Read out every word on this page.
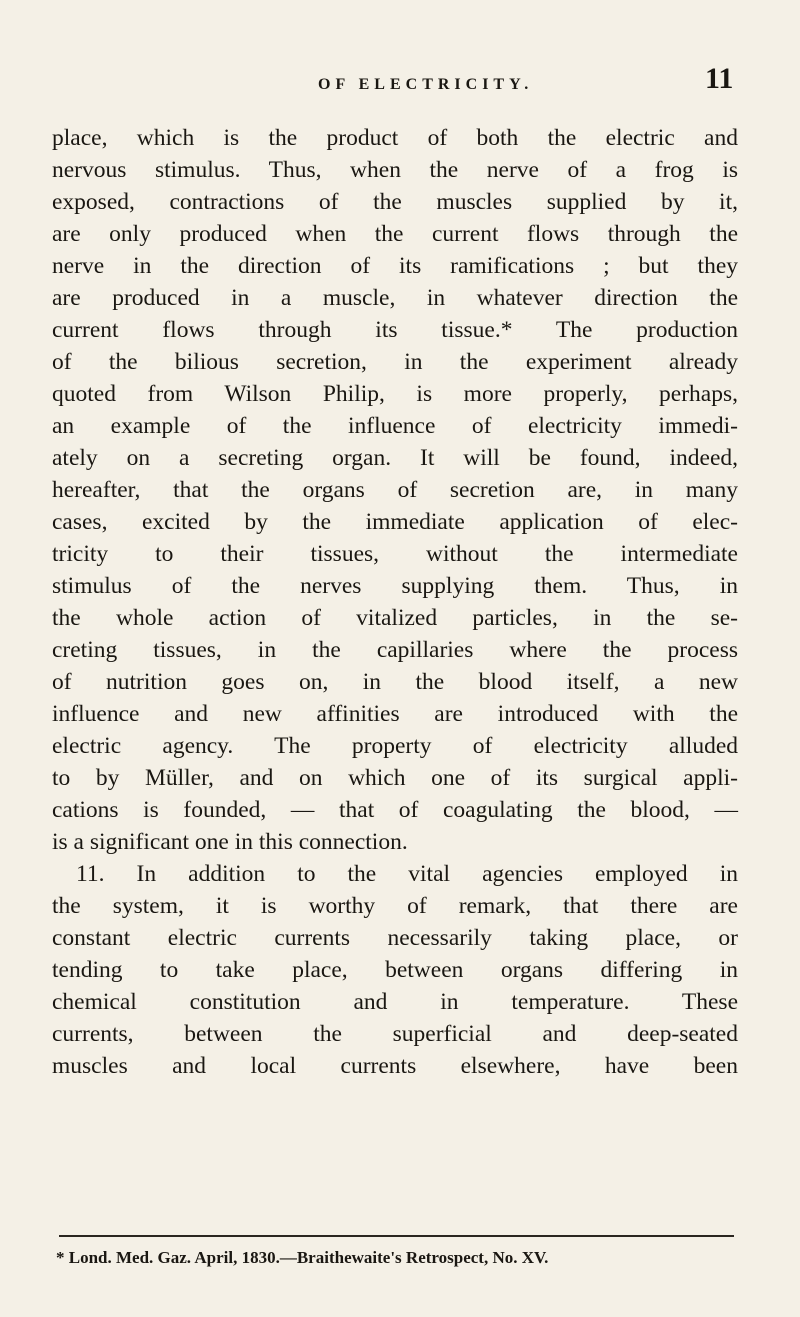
OF ELECTRICITY.	11
place, which is the product of both the electric and
nervous stimulus. Thus, when the nerve of a frog is
exposed, contractions of the muscles supplied by it,
are only produced when the current flows through the
nerve in the direction of its ramifications ; but they
are produced in a muscle, in whatever direction the
current flows through its tissue.* The production
of the bilious secretion, in the experiment already
quoted from Wilson Philip, is more properly, perhaps,
an example of the influence of electricity immedi-
ately on a secreting organ. It will be found, indeed,
hereafter, that the organs of secretion are, in many
cases, excited by the immediate application of elec-
tricity to their tissues, without the intermediate
stimulus of the nerves supplying them. Thus, in
the whole action of vitalized particles, in the se-
creting tissues, in the capillaries where the process
of nutrition goes on, in the blood itself, a new
influence and new affinities are introduced with the
electric agency. The property of electricity alluded
to by Müller, and on which one of its surgical appli-
cations is founded, — that of coagulating the blood, —
is a significant one in this connection.
11. In addition to the vital agencies employed in
the system, it is worthy of remark, that there are
constant electric currents necessarily taking place, or
tending to take place, between organs differing in
chemical constitution and in temperature. These
currents, between the superficial and deep-seated
muscles and local currents elsewhere, have been
* Lond. Med. Gaz. April, 1830.—Braithewaite's Retrospect, No. XV.
